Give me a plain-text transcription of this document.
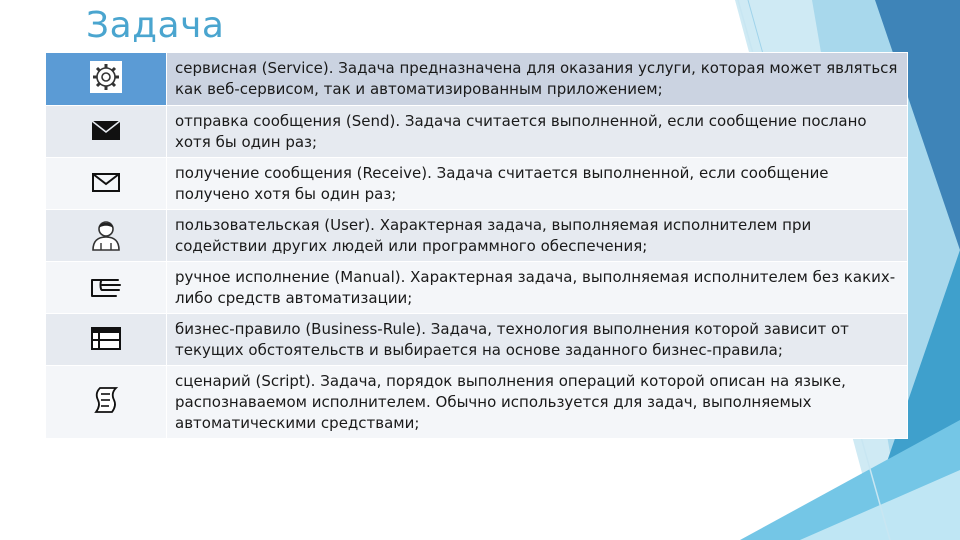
Задача
	сервисная (Service). Задача предназначена для оказания услуги, которая может являться как веб-сервисом, так и автоматизированным приложением;

	отправка сообщения (Send). Задача считается выполненной, если сообщение послано хотя бы один раз;

	получение сообщения (Receive). Задача считается выполненной, если сообщение получено хотя бы один раз;

	пользовательская (User). Характерная задача, выполняемая исполнителем при содействии других людей или программного обеспечения;

	ручное исполнение (Manual). Характерная задача, выполняемая исполнителем без каких-либо средств автоматизации;

	бизнес-правило (Business-Rule). Задача, технология выполнения которой зависит от текущих обстоятельств и выбирается на основе заданного бизнес-правила;

	сценарий (Script). Задача, порядок выполнения операций которой описан на языке, распознаваемом исполнителем. Обычно используется для задач, выполняемых автоматическими средствами;
